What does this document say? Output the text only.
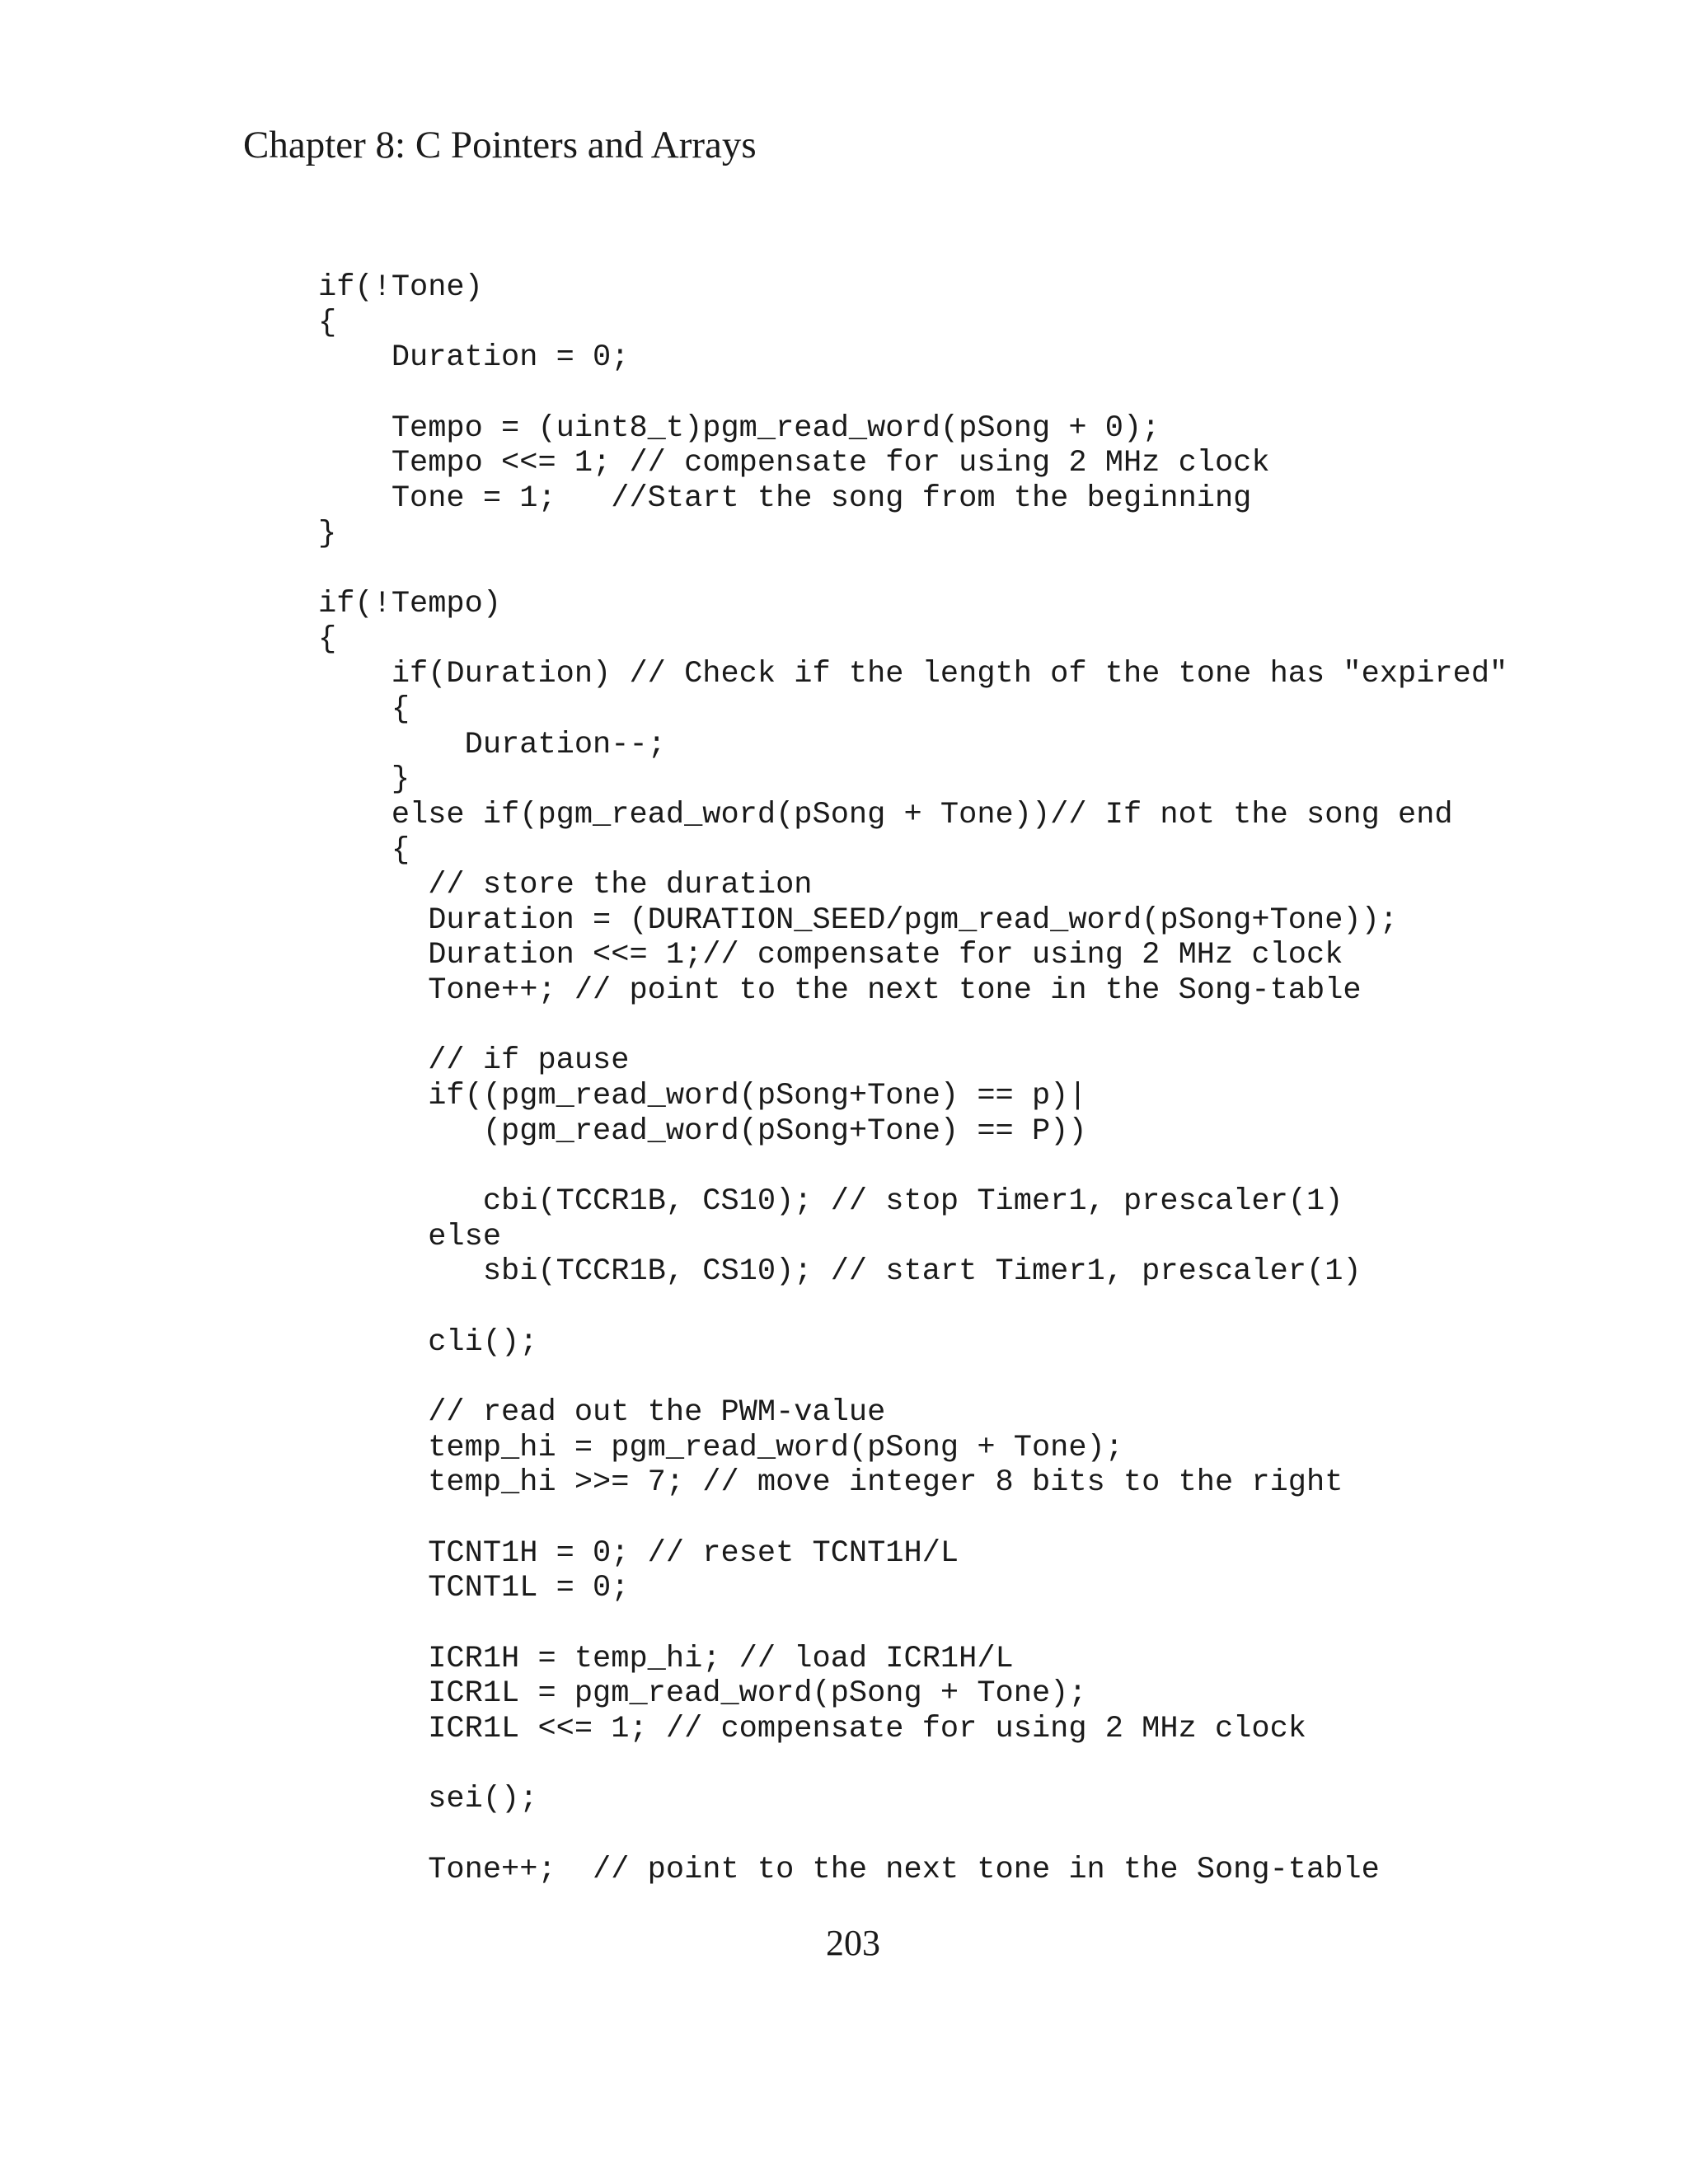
Chapter 8: C Pointers and Arrays
if(!Tone)
{
Duration = 0;
Tempo = (uint8_t)pgm_read_word(pSong + 0);
Tempo <<= 1; // compensate for using 2 MHz clock
Tone = 1;   //Start the song from the beginning
}
if(!Tempo)
{
if(Duration) // Check if the length of the tone has "expired"
{
Duration--;
}
else if(pgm_read_word(pSong + Tone))// If not the song end
{
// store the duration
Duration = (DURATION_SEED/pgm_read_word(pSong+Tone));
Duration <<= 1;// compensate for using 2 MHz clock
Tone++; // point to the next tone in the Song-table
// if pause
if((pgm_read_word(pSong+Tone) == p)|
(pgm_read_word(pSong+Tone) == P))
cbi(TCCR1B, CS10); // stop Timer1, prescaler(1)
else
sbi(TCCR1B, CS10); // start Timer1, prescaler(1)
cli();
// read out the PWM-value
temp_hi = pgm_read_word(pSong + Tone);
temp_hi >>= 7; // move integer 8 bits to the right
TCNT1H = 0; // reset TCNT1H/L
TCNT1L = 0;
ICR1H = temp_hi; // load ICR1H/L
ICR1L = pgm_read_word(pSong + Tone);
ICR1L <<= 1; // compensate for using 2 MHz clock
sei();
Tone++;  // point to the next tone in the Song-table
203
